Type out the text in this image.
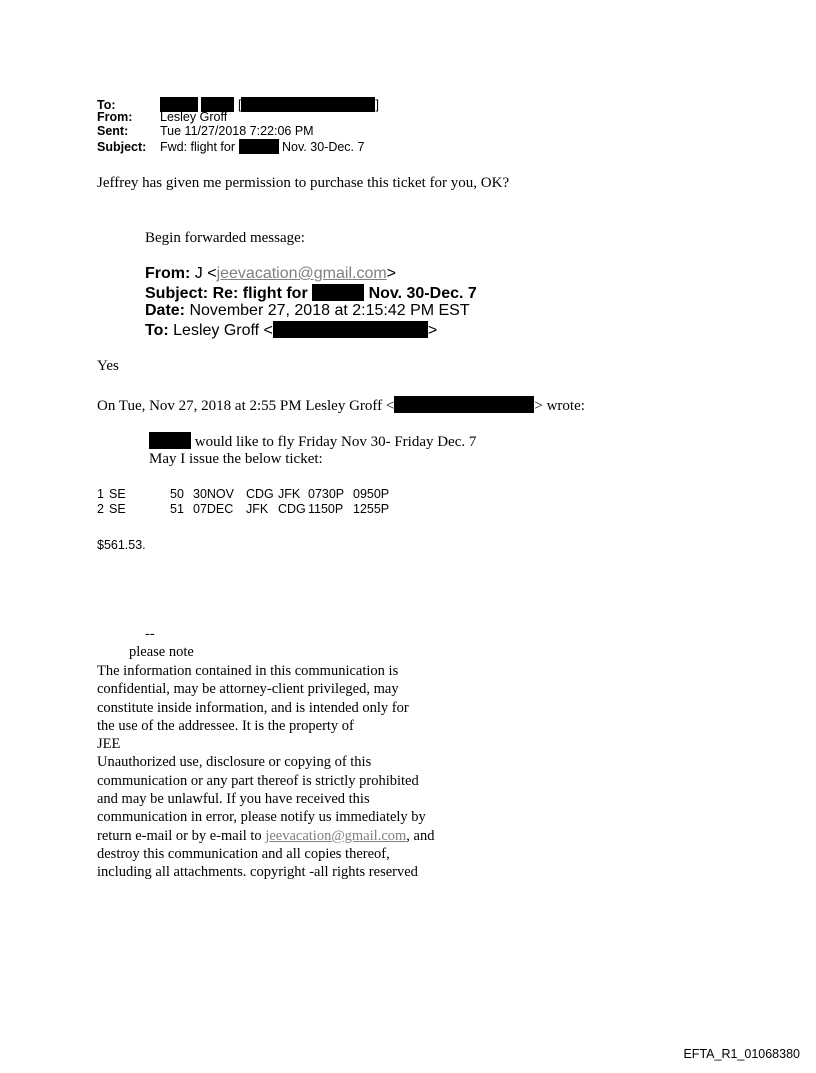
To:	[	]
From: Lesley Groff
Sent:	Tue 11/27/2018 7:22:06 PM
Subject: Fwd: flight for	Nov. 30-Dec. 7
Jeffrey has given me permission to purchase this ticket for you, OK?
Begin forwarded message:
From: J <jeevacation@gmail.com>
Subject: Re: flight for	Nov. 30-Dec. 7
Date: November 27, 2018 at 2:15:42 PM EST
To: Lesley Groff <	>
Yes
On Tue, Nov 27, 2018 at 2:55 PM Lesley Groff <	> wrote:
would like to fly Friday Nov 30- Friday Dec. 7
May I issue the below ticket:
1 SE	50 30NOV CDG JFK 0730P 0950P
2 SE	51 07DEC JFK CDG 1150P 1255P
$561.53.
--
please note
The information contained in this communication is
confidential, may be attorney-client privileged, may
constitute inside information, and is intended only for
the use of the addressee. It is the property of
JEE
Unauthorized use, disclosure or copying of this
communication or any part thereof is strictly prohibited
and may be unlawful. If you have received this
communication in error, please notify us immediately by
return e-mail or by e-mail to jeevacation@gmail.com, and
destroy this communication and all copies thereof,
including all attachments. copyright -all rights reserved
EFTA_R1_01068380
